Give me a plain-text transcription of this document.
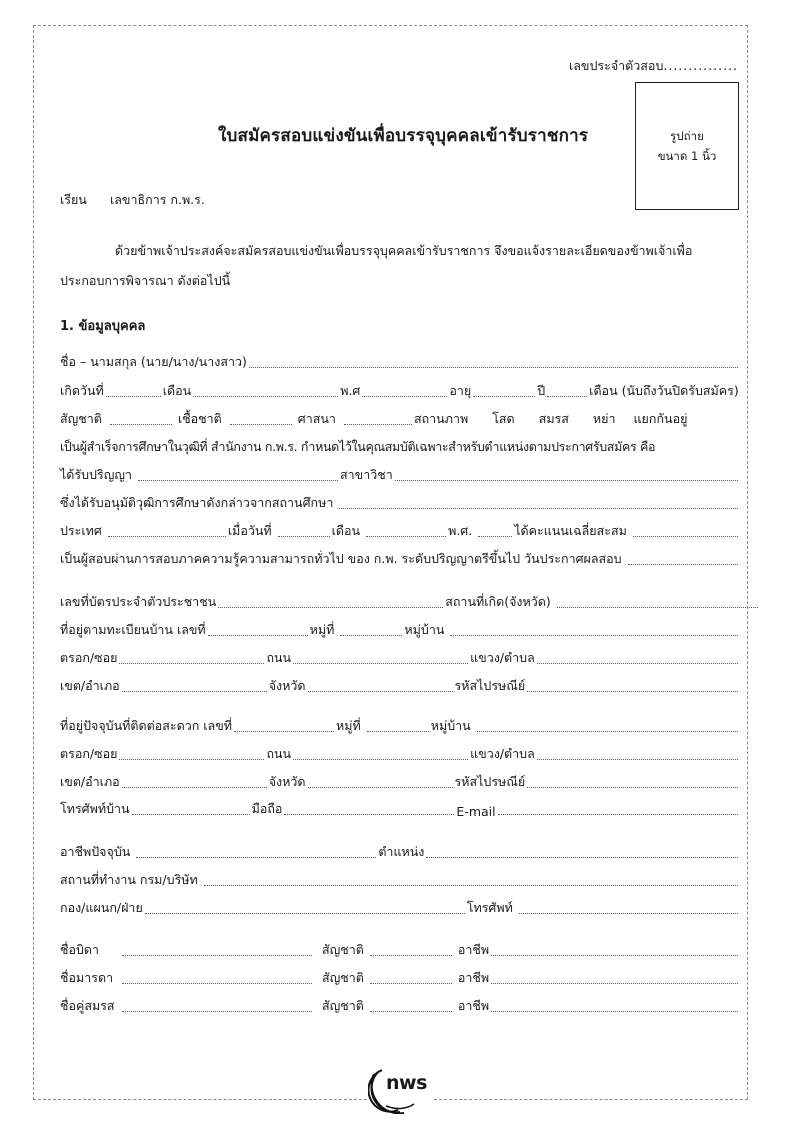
เลขประจำตัวสอบ...............
รูปถ่าย
ขนาด 1 นิ้ว
ใบสมัครสอบแข่งขันเพื่อบรรจุบุคคลเข้ารับราชการ
เรียน เลขาธิการ ก.พ.ร.
ด้วยข้าพเจ้าประสงค์จะสมัครสอบแข่งขันเพื่อบรรจุบุคคลเข้ารับราชการ จึงขอแจ้งรายละเอียดของข้าพเจ้าเพื่อ
ประกอบการพิจารณา ดังต่อไปนี้
1. ข้อมูลบุคคล
ชื่อ – นามสกุล (นาย/นาง/นางสาว)
เกิดวันที่	เดือน	พ.ศ	อายุ	ปี	เดือน (นับถึงวันปิดรับสมัคร)
สัญชาติ	เชื้อชาติ	ศาสนา	สถานภาพ โสด สมรส หย่า แยกกันอยู่
เป็นผู้สำเร็จการศึกษาในวุฒิที่ สำนักงาน ก.พ.ร. กำหนดไว้ในคุณสมบัติเฉพาะสำหรับตำแหน่งตามประกาศรับสมัคร คือ
ได้รับปริญญา	สาขาวิชา
ซึ่งได้รับอนุมัติวุฒิการศึกษาดังกล่าวจากสถานศึกษา
ประเทศ	เมื่อวันที่	เดือน	พ.ศ.	ได้คะแนนเฉลี่ยสะสม
เป็นผู้สอบผ่านการสอบภาคความรู้ความสามารถทั่วไป ของ ก.พ. ระดับปริญญาตรีขึ้นไป วันประกาศผลสอบ
เลขที่บัตรประจำตัวประชาชน	สถานที่เกิด(จังหวัด)
ที่อยู่ตามทะเบียนบ้าน เลขที่	หมู่ที่	หมู่บ้าน
ตรอก/ซอย	ถนน	แขวง/ตำบล
เขต/อำเภอ	จังหวัด	รหัสไปรษณีย์
ที่อยู่ปัจจุบันที่ติดต่อสะดวก เลขที่	หมู่ที่	หมู่บ้าน
ตรอก/ซอย	ถนน	แขวง/ตำบล
เขต/อำเภอ	จังหวัด	รหัสไปรษณีย์
โทรศัพท์บ้าน	มือถือ	E-mail
อาชีพปัจจุบัน	ตำแหน่ง
สถานที่ทำงาน กรม/บริษัท
กอง/แผนก/ฝ่าย	โทรศัพท์
ชื่อบิดา	สัญชาติ	อาชีพ
ชื่อมารดา	สัญชาติ	อาชีพ
ชื่อคู่สมรส	สัญชาติ	อาชีพ
nws
